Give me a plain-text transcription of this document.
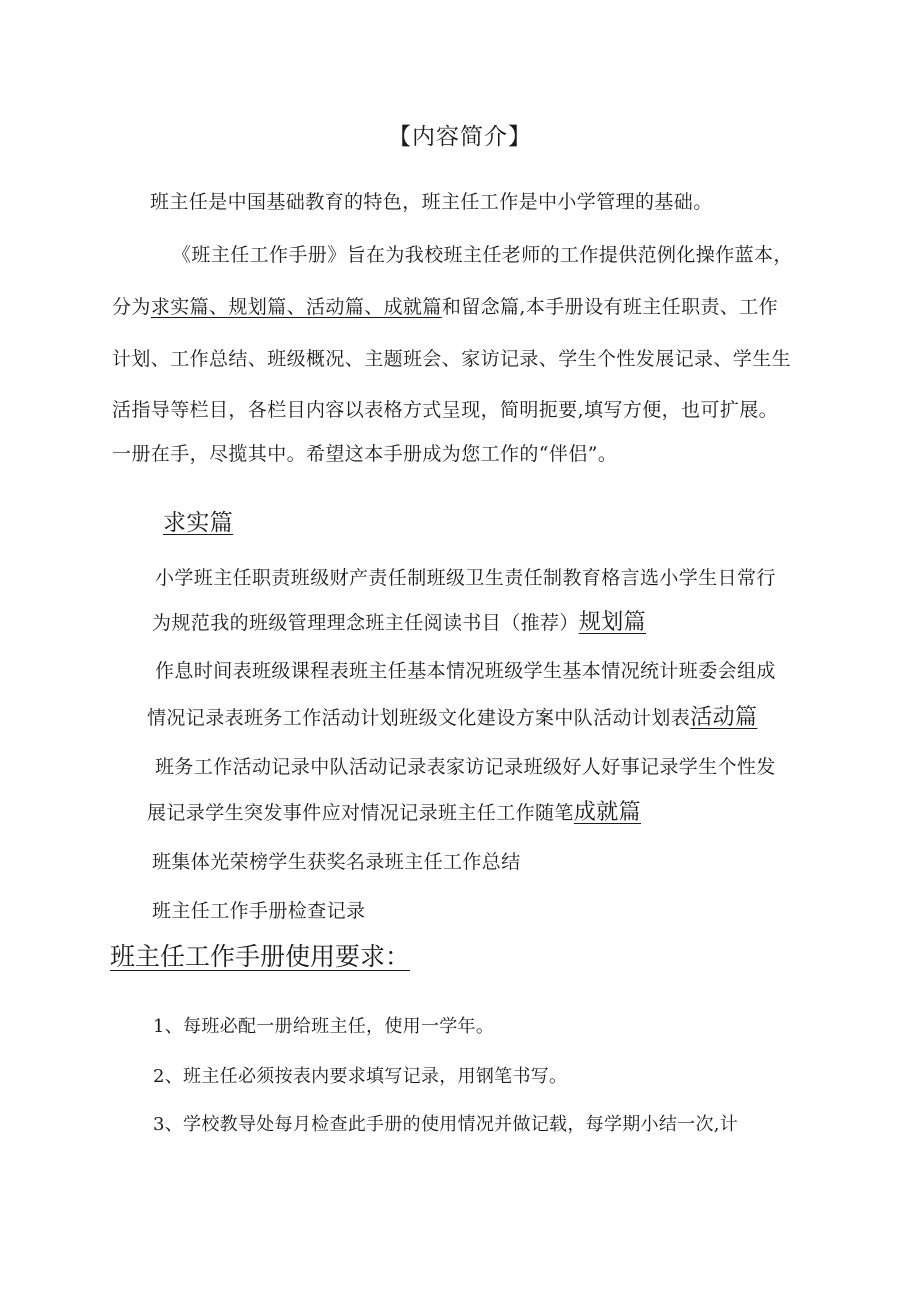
【内容简介】
班主任是中国基础教育的特色，班主任工作是中小学管理的基础。
《班主任工作手册》旨在为我校班主任老师的工作提供范例化操作蓝本，
分为求实篇、规划篇、活动篇、成就篇和留念篇,本手册设有班主任职责、工作
计划、工作总结、班级概况、主题班会、家访记录、学生个性发展记录、学生生
活指导等栏目，各栏目内容以表格方式呈现，简明扼要,填写方便，也可扩展。
一册在手，尽揽其中。希望这本手册成为您工作的“伴侣”。
求实篇
小学班主任职责班级财产责任制班级卫生责任制教育格言选小学生日常行
为规范我的班级管理理念班主任阅读书目（推荐）规划篇
作息时间表班级课程表班主任基本情况班级学生基本情况统计班委会组成
情况记录表班务工作活动计划班级文化建设方案中队活动计划表活动篇
班务工作活动记录中队活动记录表家访记录班级好人好事记录学生个性发
展记录学生突发事件应对情况记录班主任工作随笔成就篇
班集体光荣榜学生获奖名录班主任工作总结
班主任工作手册检查记录
班主任工作手册使用要求：
1、每班必配一册给班主任，使用一学年。
2、班主任必须按表内要求填写记录，用钢笔书写。
3、学校教导处每月检查此手册的使用情况并做记载，每学期小结一次,计
